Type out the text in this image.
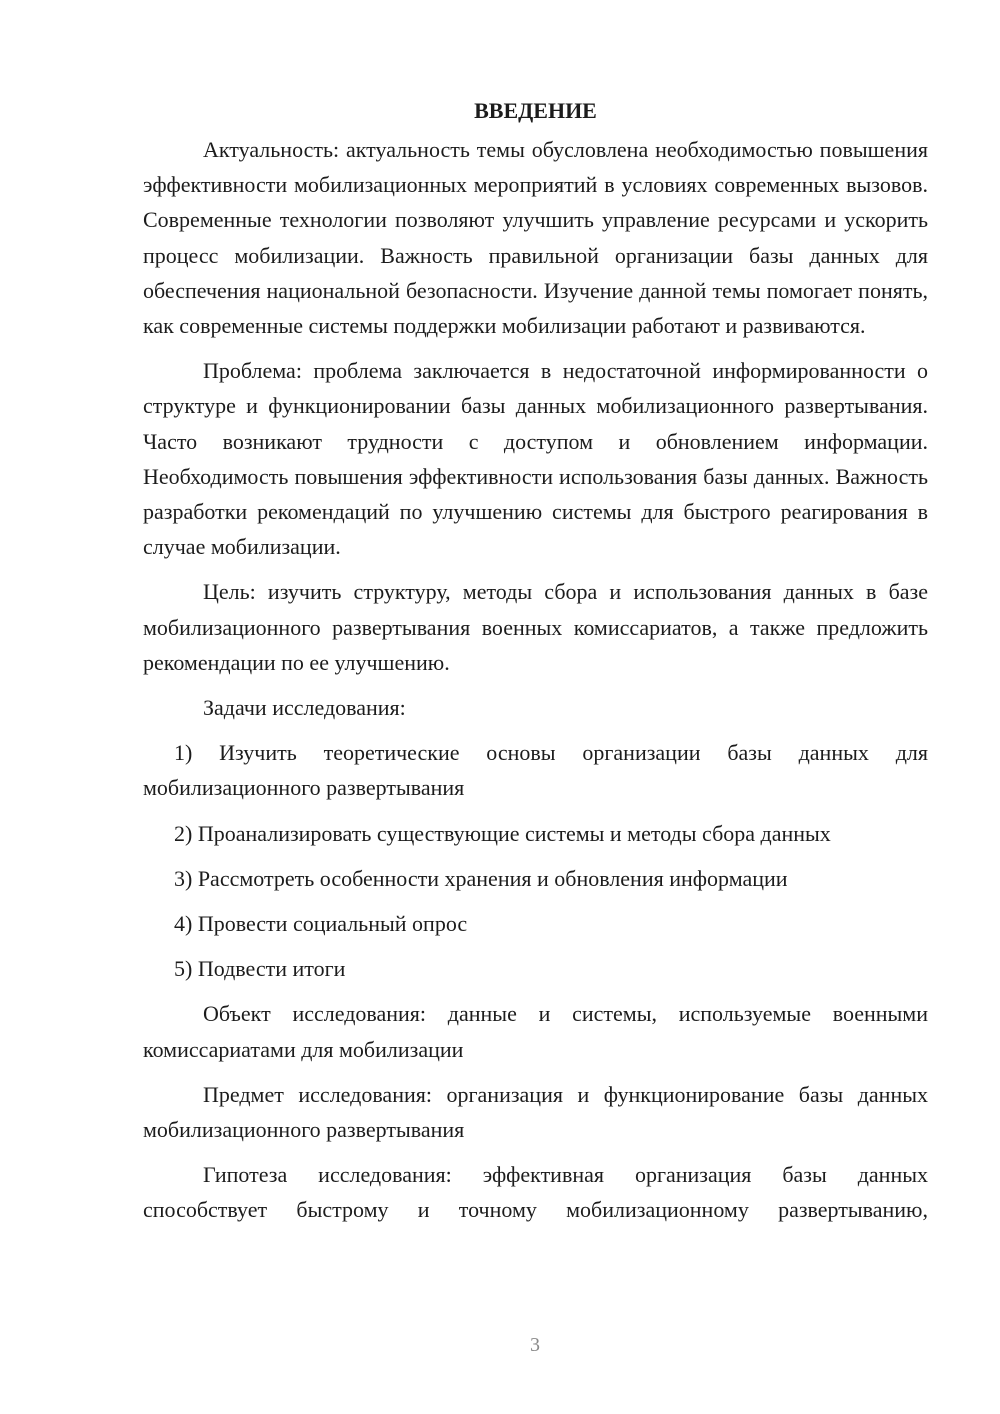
ВВЕДЕНИЕ

Актуальность: актуальность темы обусловлена необходимостью повышения эффективности мобилизационных мероприятий в условиях современных вызовов. Современные технологии позволяют улучшить управление ресурсами и ускорить процесс мобилизации. Важность правильной организации базы данных для обеспечения национальной безопасности. Изучение данной темы помогает понять, как современные системы поддержки мобилизации работают и развиваются.

Проблема: проблема заключается в недостаточной информированности о структуре и функционировании базы данных мобилизационного развертывания. Часто возникают трудности с доступом и обновлением информации. Необходимость повышения эффективности использования базы данных. Важность разработки рекомендаций по улучшению системы для быстрого реагирования в случае мобилизации.

Цель: изучить структуру, методы сбора и использования данных в базе мобилизационного развертывания военных комиссариатов, а также предложить рекомендации по ее улучшению.

Задачи исследования:

1) Изучить теоретические основы организации базы данных для мобилизационного развертывания

2) Проанализировать существующие системы и методы сбора данных

3) Рассмотреть особенности хранения и обновления информации

4) Провести социальный опрос

5) Подвести итоги

Объект исследования: данные и системы, используемые военными комиссариатами для мобилизации

Предмет исследования: организация и функционирование базы данных мобилизационного развертывания

Гипотеза исследования: эффективная организация базы данных способствует быстрому и точному мобилизационному развертыванию,

3
